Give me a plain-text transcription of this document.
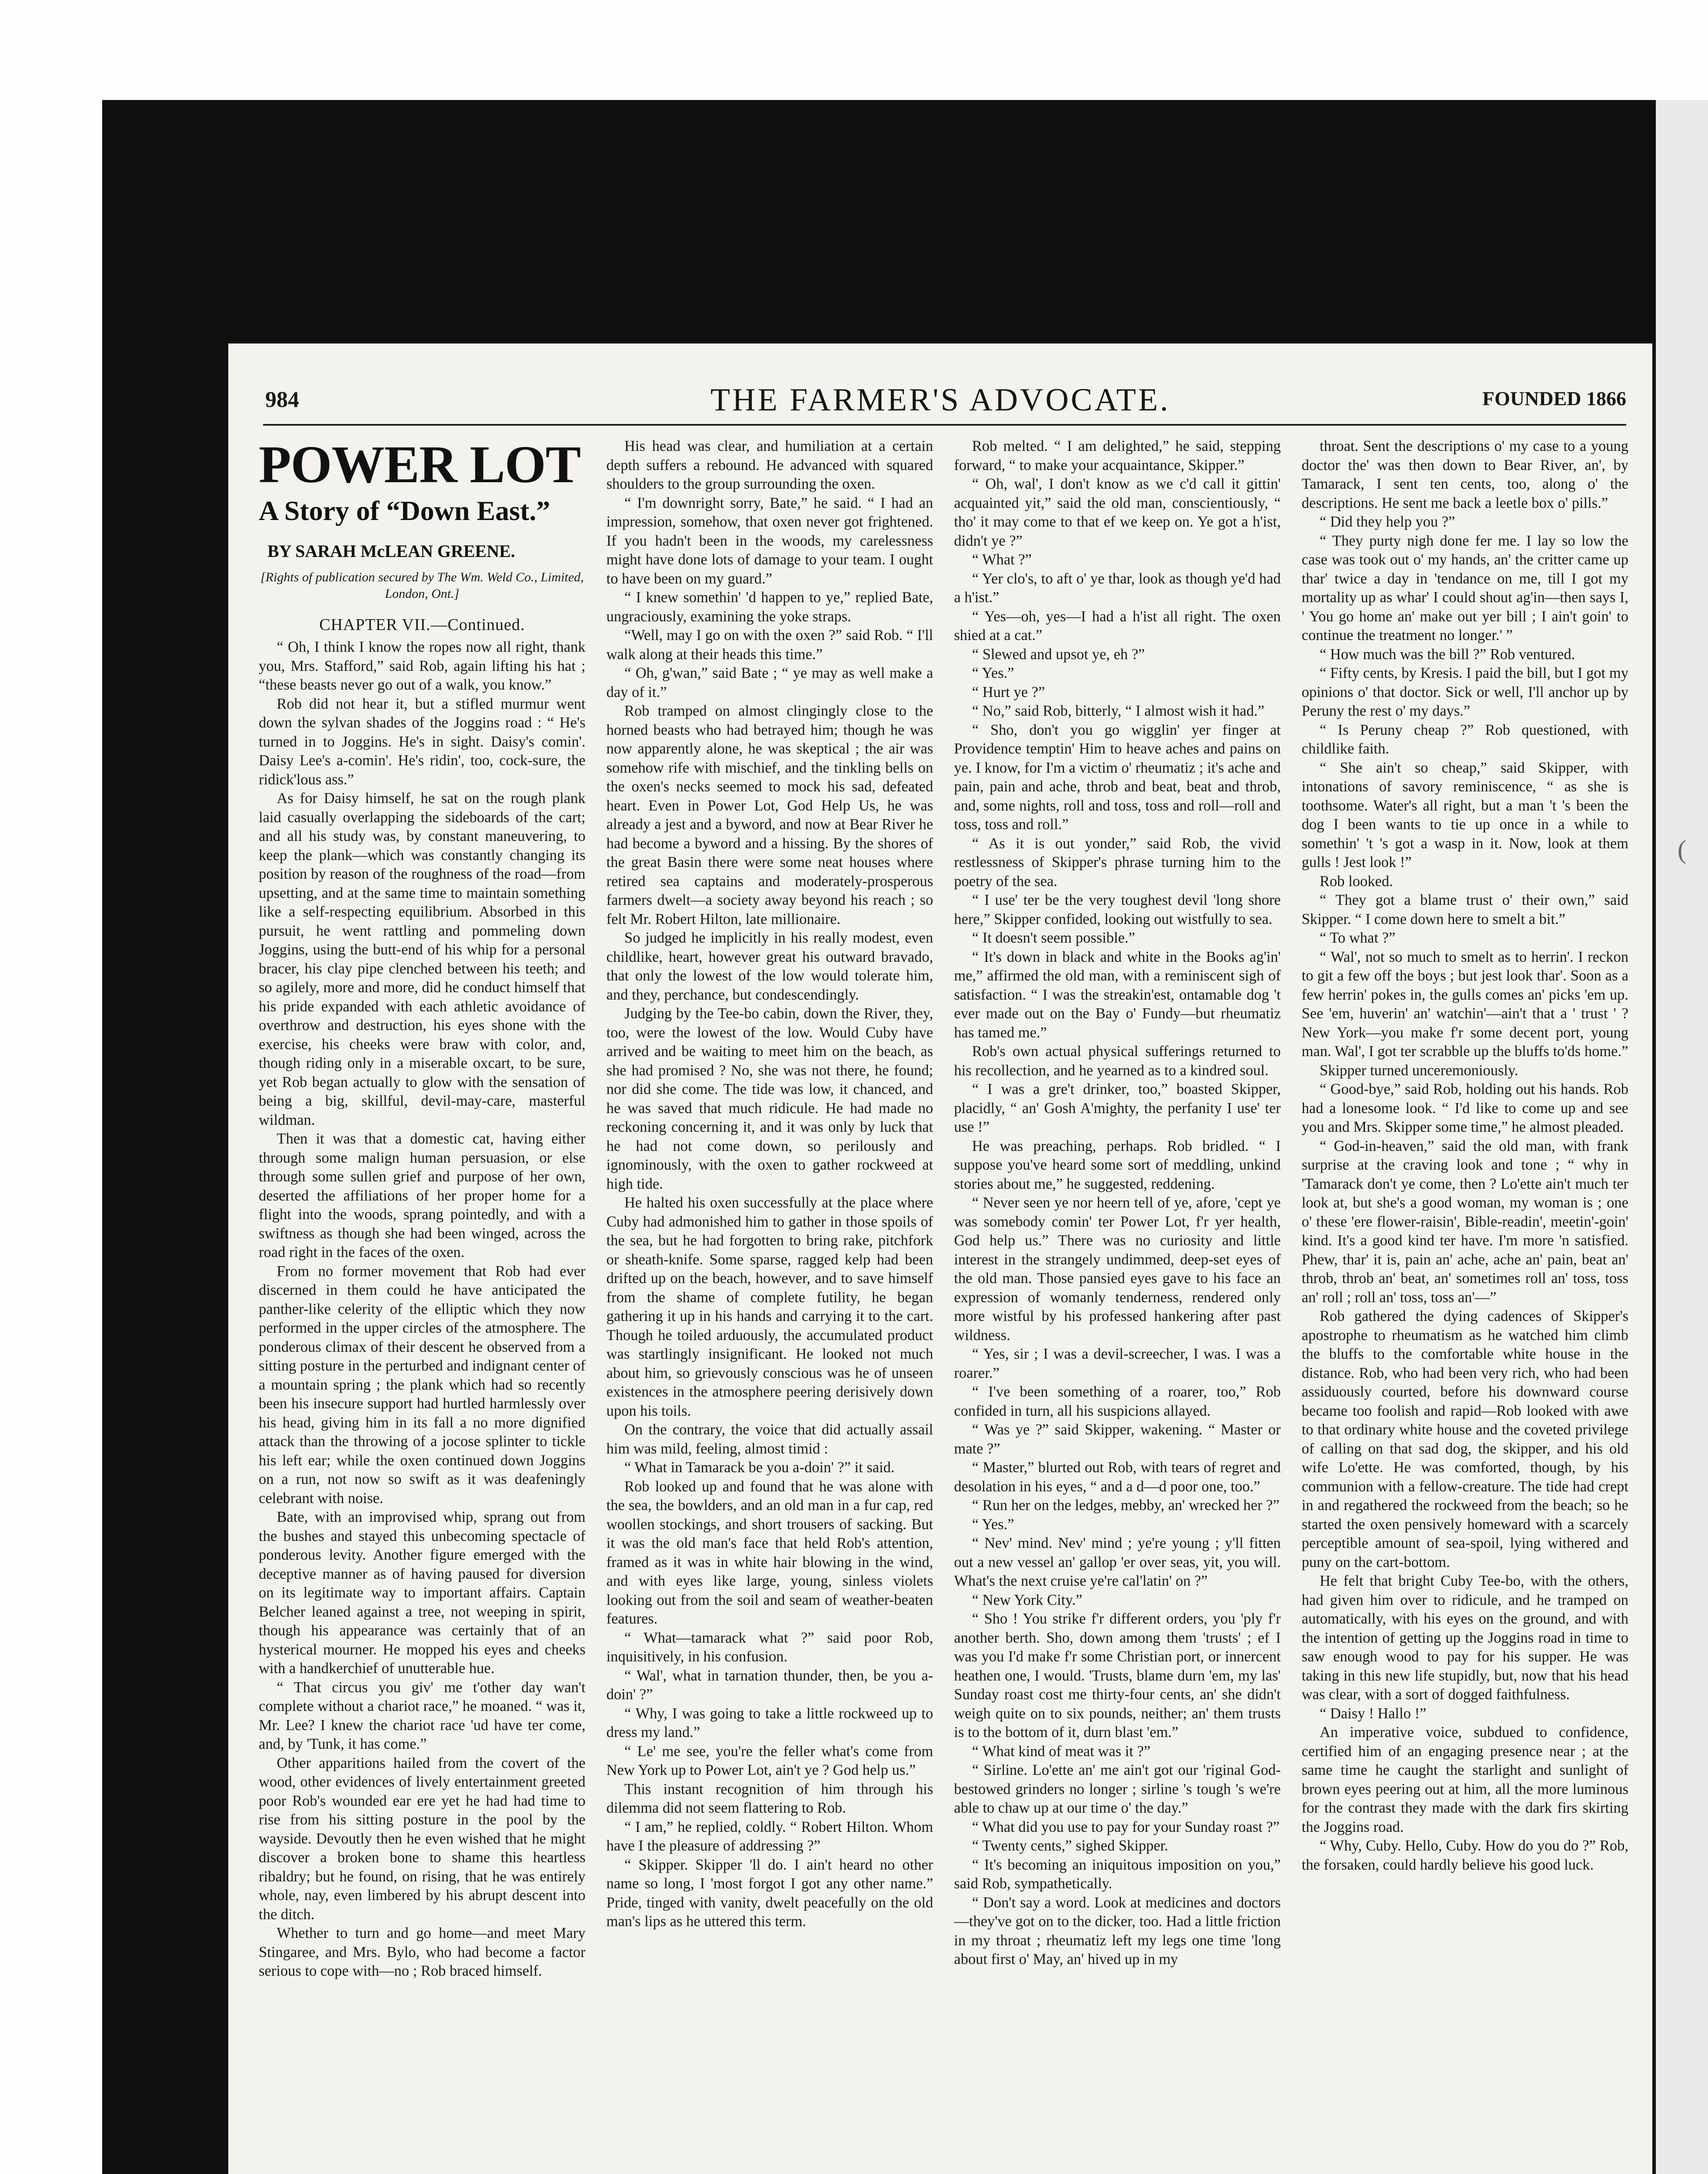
984	THE FARMER'S ADVOCATE.	FOUNDED 1866
POWER LOT
A Story of “Down East.”
BY SARAH McLEAN GREENE.
[Rights of publication secured by The Wm. Weld Co., Limited, London, Ont.]
CHAPTER VII.—Continued.

“ Oh, I think I know the ropes now all right, thank you, Mrs. Stafford,” said Rob, again lifting his hat ; “these beasts never go out of a walk, you know.”

Rob did not hear it, but a stifled murmur went down the sylvan shades of the Joggins road : “ He's turned in to Joggins. He's in sight. Daisy's comin'. Daisy Lee's a-comin'. He's ridin', too, cock-sure, the ridick'lous ass.”

As for Daisy himself, he sat on the rough plank laid casually overlapping the sideboards of the cart; and all his study was, by constant maneuvering, to keep the plank—which was constantly changing its position by reason of the roughness of the road—from upsetting, and at the same time to maintain something like a self-respecting equilibrium. Absorbed in this pursuit, he went rattling and pommeling down Joggins, using the butt-end of his whip for a personal bracer, his clay pipe clenched between his teeth; and so agilely, more and more, did he conduct himself that his pride expanded with each athletic avoidance of overthrow and destruction, his eyes shone with the exercise, his cheeks were braw with color, and, though riding only in a miserable oxcart, to be sure, yet Rob began actually to glow with the sensation of being a big, skillful, devil-may-care, masterful wildman.

Then it was that a domestic cat, having either through some malign human persuasion, or else through some sullen grief and purpose of her own, deserted the affiliations of her proper home for a flight into the woods, sprang pointedly, and with a swiftness as though she had been winged, across the road right in the faces of the oxen.

From no former movement that Rob had ever discerned in them could he have anticipated the panther-like celerity of the elliptic which they now performed in the upper circles of the atmosphere. The ponderous climax of their descent he observed from a sitting posture in the perturbed and indignant center of a mountain spring ; the plank which had so recently been his insecure support had hurtled harmlessly over his head, giving him in its fall a no more dignified attack than the throwing of a jocose splinter to tickle his left ear; while the oxen continued down Joggins on a run, not now so swift as it was deafeningly celebrant with noise.

Bate, with an improvised whip, sprang out from the bushes and stayed this unbecoming spectacle of ponderous levity. Another figure emerged with the deceptive manner as of having paused for diversion on its legitimate way to important affairs. Captain Belcher leaned against a tree, not weeping in spirit, though his appearance was certainly that of an hysterical mourner. He mopped his eyes and cheeks with a handkerchief of unutterable hue.

“ That circus you giv' me t'other day wan't complete without a chariot race,” he moaned. “ was it, Mr. Lee? I knew the chariot race 'ud have ter come, and, by 'Tunk, it has come.”

Other apparitions hailed from the covert of the wood, other evidences of lively entertainment greeted poor Rob's wounded ear ere yet he had had time to rise from his sitting posture in the pool by the wayside. Devoutly then he even wished that he might discover a broken bone to shame this heartless ribaldry; but he found, on rising, that he was entirely whole, nay, even limbered by his abrupt descent into the ditch.

Whether to turn and go home—and meet Mary Stingaree, and Mrs. Bylo, who had become a factor serious to cope with—no ; Rob braced himself.

His head was clear, and humiliation at a certain depth suffers a rebound. He advanced with squared shoulders to the group surrounding the oxen.

“ I'm downright sorry, Bate,” he said. “ I had an impression, somehow, that oxen never got frightened. If you hadn't been in the woods, my carelessness might have done lots of damage to your team. I ought to have been on my guard.”

“ I knew somethin' 'd happen to ye,” replied Bate, ungraciously, examining the yoke straps.

“Well, may I go on with the oxen ?” said Rob. “ I'll walk along at their heads this time.”

“ Oh, g'wan,” said Bate ; “ ye may as well make a day of it.”

Rob tramped on almost clingingly close to the horned beasts who had betrayed him; though he was now apparently alone, he was skeptical ; the air was somehow rife with mischief, and the tinkling bells on the oxen's necks seemed to mock his sad, defeated heart. Even in Power Lot, God Help Us, he was already a jest and a byword, and now at Bear River he had become a byword and a hissing. By the shores of the great Basin there were some neat houses where retired sea captains and moderately-prosperous farmers dwelt—a society away beyond his reach ; so felt Mr. Robert Hilton, late millionaire.

So judged he implicitly in his really modest, even childlike, heart, however great his outward bravado, that only the lowest of the low would tolerate him, and they, perchance, but condescendingly.

Judging by the Tee-bo cabin, down the River, they, too, were the lowest of the low. Would Cuby have arrived and be waiting to meet him on the beach, as she had promised ? No, she was not there, he found; nor did she come. The tide was low, it chanced, and he was saved that much ridicule. He had made no reckoning concerning it, and it was only by luck that he had not come down, so perilously and ignominously, with the oxen to gather rockweed at high tide.

He halted his oxen successfully at the place where Cuby had admonished him to gather in those spoils of the sea, but he had forgotten to bring rake, pitchfork or sheath-knife. Some sparse, ragged kelp had been drifted up on the beach, however, and to save himself from the shame of complete futility, he began gathering it up in his hands and carrying it to the cart. Though he toiled arduously, the accumulated product was startlingly insignificant. He looked not much about him, so grievously conscious was he of unseen existences in the atmosphere peering derisively down upon his toils.

On the contrary, the voice that did actually assail him was mild, feeling, almost timid :

“ What in Tamarack be you a-doin' ?” it said.

Rob looked up and found that he was alone with the sea, the bowlders, and an old man in a fur cap, red woollen stockings, and short trousers of sacking. But it was the old man's face that held Rob's attention, framed as it was in white hair blowing in the wind, and with eyes like large, young, sinless violets looking out from the soil and seam of weather-beaten features.

“ What—tamarack what ?” said poor Rob, inquisitively, in his confusion.

“ Wal', what in tarnation thunder, then, be you a-doin' ?”

“ Why, I was going to take a little rockweed up to dress my land.”

“ Le' me see, you're the feller what's come from New York up to Power Lot, ain't ye ? God help us.”

This instant recognition of him through his dilemma did not seem flattering to Rob.

“ I am,” he replied, coldly. “ Robert Hilton. Whom have I the pleasure of addressing ?”

“ Skipper. Skipper 'll do. I ain't heard no other name so long, I 'most forgot I got any other name.” Pride, tinged with vanity, dwelt peacefully on the old man's lips as he uttered this term.

Rob melted. “ I am delighted,” he said, stepping forward, “ to make your acquaintance, Skipper.”

“ Oh, wal', I don't know as we c'd call it gittin' acquainted yit,” said the old man, conscientiously, “ tho' it may come to that ef we keep on. Ye got a h'ist, didn't ye ?”

“ What ?”

“ Yer clo's, to aft o' ye thar, look as though ye'd had a h'ist.”

“ Yes—oh, yes—I had a h'ist all right. The oxen shied at a cat.”

“ Slewed and upsot ye, eh ?”

“ Yes.”

“ Hurt ye ?”

“ No,” said Rob, bitterly, “ I almost wish it had.”

“ Sho, don't you go wigglin' yer finger at Providence temptin' Him to heave aches and pains on ye. I know, for I'm a victim o' rheumatiz ; it's ache and pain, pain and ache, throb and beat, beat and throb, and, some nights, roll and toss, toss and roll—roll and toss, toss and roll.”

“ As it is out yonder,” said Rob, the vivid restlessness of Skipper's phrase turning him to the poetry of the sea.

“ I use' ter be the very toughest devil 'long shore here,” Skipper confided, looking out wistfully to sea.

“ It doesn't seem possible.”

“ It's down in black and white in the Books ag'in' me,” affirmed the old man, with a reminiscent sigh of satisfaction. “ I was the streakin'est, ontamable dog 't ever made out on the Bay o' Fundy—but rheumatiz has tamed me.”

Rob's own actual physical sufferings returned to his recollection, and he yearned as to a kindred soul.

“ I was a gre't drinker, too,” boasted Skipper, placidly, “ an' Gosh A'mighty, the perfanity I use' ter use !”

He was preaching, perhaps. Rob bridled. “ I suppose you've heard some sort of meddling, unkind stories about me,” he suggested, reddening.

“ Never seen ye nor heern tell of ye, afore, 'cept ye was somebody comin' ter Power Lot, f'r yer health, God help us.” There was no curiosity and little interest in the strangely undimmed, deep-set eyes of the old man. Those pansied eyes gave to his face an expression of womanly tenderness, rendered only more wistful by his professed hankering after past wildness.

“ Yes, sir ; I was a devil-screecher, I was. I was a roarer.”

“ I've been something of a roarer, too,” Rob confided in turn, all his suspicions allayed.

“ Was ye ?” said Skipper, wakening. “ Master or mate ?”

“ Master,” blurted out Rob, with tears of regret and desolation in his eyes, “ and a d—d poor one, too.”

“ Run her on the ledges, mebby, an' wrecked her ?”

“ Yes.”

“ Nev' mind. Nev' mind ; ye're young ; y'll fitten out a new vessel an' gallop 'er over seas, yit, you will. What's the next cruise ye're cal'latin' on ?”

“ New York City.”

“ Sho ! You strike f'r different orders, you 'ply f'r another berth. Sho, down among them 'trusts' ; ef I was you I'd make f'r some Christian port, or innercent heathen one, I would. 'Trusts, blame durn 'em, my las' Sunday roast cost me thirty-four cents, an' she didn't weigh quite on to six pounds, neither; an' them trusts is to the bottom of it, durn blast 'em.”

“ What kind of meat was it ?”

“ Sirline. Lo'ette an' me ain't got our 'riginal God-bestowed grinders no longer ; sirline 's tough 's we're able to chaw up at our time o' the day.”

“ What did you use to pay for your Sunday roast ?”

“ Twenty cents,” sighed Skipper.

“ It's becoming an iniquitous imposition on you,” said Rob, sympathetically.

“ Don't say a word. Look at medicines and doctors—they've got on to the dicker, too. Had a little friction in my throat ; rheumatiz left my legs one time 'long about first o' May, an' hived up in my

throat. Sent the descriptions o' my case to a young doctor the' was then down to Bear River, an', by Tamarack, I sent ten cents, too, along o' the descriptions. He sent me back a leetle box o' pills.”

“ Did they help you ?”

“ They purty nigh done fer me. I lay so low the case was took out o' my hands, an' the critter came up thar' twice a day in 'tendance on me, till I got my mortality up as whar' I could shout ag'in—then says I, ' You go home an' make out yer bill ; I ain't goin' to continue the treatment no longer.' ”

“ How much was the bill ?” Rob ventured.

“ Fifty cents, by Kresis. I paid the bill, but I got my opinions o' that doctor. Sick or well, I'll anchor up by Peruny the rest o' my days.”

“ Is Peruny cheap ?” Rob questioned, with childlike faith.

“ She ain't so cheap,” said Skipper, with intonations of savory reminiscence, “ as she is toothsome. Water's all right, but a man 't 's been the dog I been wants to tie up once in a while to somethin' 't 's got a wasp in it. Now, look at them gulls ! Jest look !”

Rob looked.

“ They got a blame trust o' their own,” said Skipper. “ I come down here to smelt a bit.”

“ To what ?”

“ Wal', not so much to smelt as to herrin'. I reckon to git a few off the boys ; but jest look thar'. Soon as a few herrin' pokes in, the gulls comes an' picks 'em up. See 'em, huverin' an' watchin'—ain't that a ' trust ' ? New York—you make f'r some decent port, young man. Wal', I got ter scrabble up the bluffs to'ds home.”

Skipper turned unceremoniously.

“ Good-bye,” said Rob, holding out his hands. Rob had a lonesome look. “ I'd like to come up and see you and Mrs. Skipper some time,” he almost pleaded.

“ God-in-heaven,” said the old man, with frank surprise at the craving look and tone ; “ why in 'Tamarack don't ye come, then ? Lo'ette ain't much ter look at, but she's a good woman, my woman is ; one o' these 'ere flower-raisin', Bible-readin', meetin'-goin' kind. It's a good kind ter have. I'm more 'n satisfied. Phew, thar' it is, pain an' ache, ache an' pain, beat an' throb, throb an' beat, an' sometimes roll an' toss, toss an' roll ; roll an' toss, toss an'—”

Rob gathered the dying cadences of Skipper's apostrophe to rheumatism as he watched him climb the bluffs to the comfortable white house in the distance. Rob, who had been very rich, who had been assiduously courted, before his downward course became too foolish and rapid—Rob looked with awe to that ordinary white house and the coveted privilege of calling on that sad dog, the skipper, and his old wife Lo'ette. He was comforted, though, by his communion with a fellow-creature. The tide had crept in and regathered the rockweed from the beach; so he started the oxen pensively homeward with a scarcely perceptible amount of sea-spoil, lying withered and puny on the cart-bottom.

He felt that bright Cuby Tee-bo, with the others, had given him over to ridicule, and he tramped on automatically, with his eyes on the ground, and with the intention of getting up the Joggins road in time to saw enough wood to pay for his supper. He was taking in this new life stupidly, but, now that his head was clear, with a sort of dogged faithfulness.

“ Daisy ! Hallo !”

An imperative voice, subdued to confidence, certified him of an engaging presence near ; at the same time he caught the starlight and sunlight of brown eyes peering out at him, all the more luminous for the contrast they made with the dark firs skirting the Joggins road.

“ Why, Cuby. Hello, Cuby. How do you do ?” Rob, the forsaken, could hardly believe his good luck.

(
